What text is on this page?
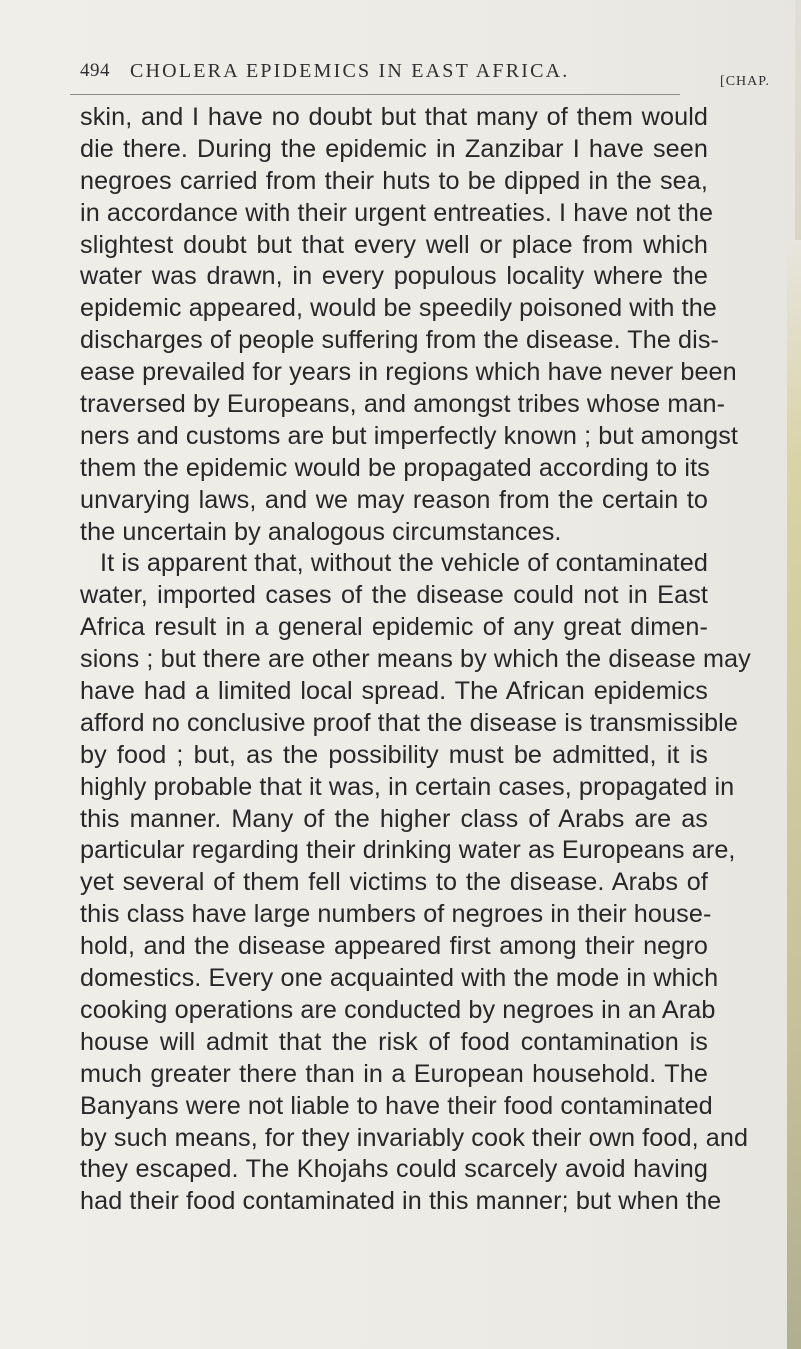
494 CHOLERA EPIDEMICS IN EAST AFRICA.	[CHAP.
skin, and I have no doubt but that many of them would
die there. During the epidemic in Zanzibar I have seen
negroes carried from their huts to be dipped in the sea,
in accordance with their urgent entreaties. I have not the
slightest doubt but that every well or place from which
water was drawn, in every populous locality where the
epidemic appeared, would be speedily poisoned with the
discharges of people suffering from the disease. The dis-
ease prevailed for years in regions which have never been
traversed by Europeans, and amongst tribes whose man-
ners and customs are but imperfectly known ; but amongst
them the epidemic would be propagated according to its
unvarying laws, and we may reason from the certain to
the uncertain by analogous circumstances.
It is apparent that, without the vehicle of contaminated
water, imported cases of the disease could not in East
Africa result in a general epidemic of any great dimen-
sions ; but there are other means by which the disease may
have had a limited local spread. The African epidemics
afford no conclusive proof that the disease is transmissible
by food ; but, as the possibility must be admitted, it is
highly probable that it was, in certain cases, propagated in
this manner. Many of the higher class of Arabs are as
particular regarding their drinking water as Europeans are,
yet several of them fell victims to the disease. Arabs of
this class have large numbers of negroes in their house-
hold, and the disease appeared first among their negro
domestics. Every one acquainted with the mode in which
cooking operations are conducted by negroes in an Arab
house will admit that the risk of food contamination is
much greater there than in a European household. The
Banyans were not liable to have their food contaminated
by such means, for they invariably cook their own food, and
they escaped. The Khojahs could scarcely avoid having
had their food contaminated in this manner; but when the
